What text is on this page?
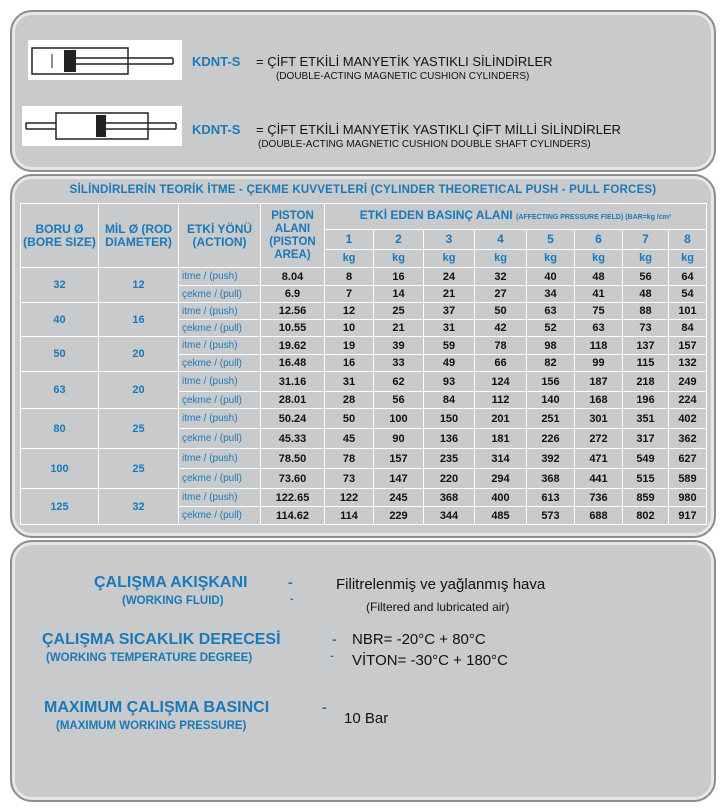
KDNT-S = ÇİFT ETKİLİ MANYETİK YASTIKLI SİLİNDİRLER
(DOUBLE-ACTING MAGNETIC CUSHION CYLINDERS)
KDNT-S = ÇİFT ETKİLİ MANYETİK YASTIKLI ÇİFT MİLLİ SİLİNDİRLER
(DOUBLE-ACTING MAGNETIC CUSHION DOUBLE SHAFT CYLINDERS)
SİLİNDİRLERİN TEORİK İTME - ÇEKME KUVVETLERİ (CYLINDER THEORETICAL PUSH - PULL FORCES)
BORU Ø (BORE SIZE)	MİL Ø (ROD DIAMETER)	ETKİ YÖNÜ (ACTION)	PISTON ALANI (PISTON AREA)	ETKİ EDEN BASINÇ ALANI (AFFECTING PRESSURE FIELD) (BAR=kg /cm²							
				1	2	3	4	5	6	7	8
				kg	kg	kg	kg	kg	kg	kg	kg
32	12	itme / (push)	8.04	8	16	24	32	40	48	56	64
		çekme / (pull)	6.9	7	14	21	27	34	41	48	54
40	16	itme / (push)	12.56	12	25	37	50	63	75	88	101
		çekme / (pull)	10.55	10	21	31	42	52	63	73	84
50	20	itme / (push)	19.62	19	39	59	78	98	118	137	157
		çekme / (pull)	16.48	16	33	49	66	82	99	115	132
63	20	itme / (push)	31.16	31	62	93	124	156	187	218	249
		çekme / (pull)	28.01	28	56	84	112	140	168	196	224
80	25	itme / (push)	50.24	50	100	150	201	251	301	351	402
		çekme / (pull)	45.33	45	90	136	181	226	272	317	362
100	25	itme / (push)	78.50	78	157	235	314	392	471	549	627
		çekme / (pull)	73.60	73	147	220	294	368	441	515	589
125	32	itme / (push)	122.65	122	245	368	400	613	736	859	980
		çekme / (pull)	114.62	114	229	344	485	573	688	802	917
ÇALIŞMA AKIŞKANI	-
(WORKING FLUID)	-
Filitrelenmiş ve yağlanmış hava
(Filtered and lubricated air)
ÇALIŞMA SICAKLIK DERECESİ	-
(WORKING TEMPERATURE DEGREE)	-
NBR= -20°C + 80°C
VİTON= -30°C + 180°C
MAXIMUM ÇALIŞMA BASINCI	-
(MAXIMUM WORKING PRESSURE)	10 Bar
